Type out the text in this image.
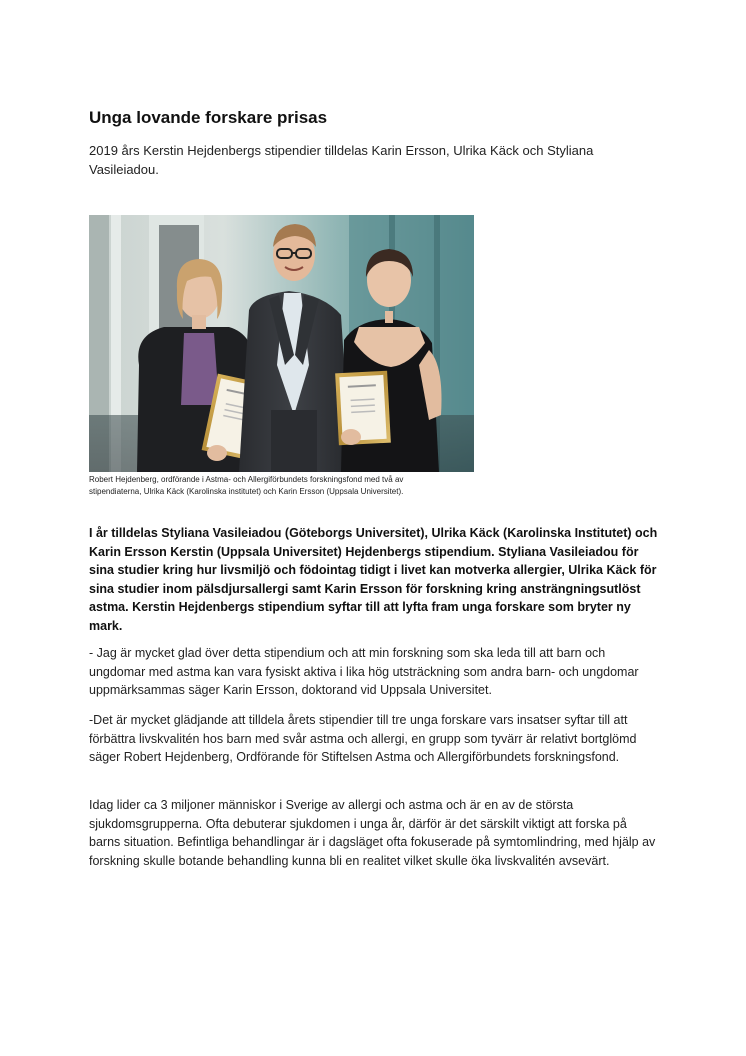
Unga lovande forskare prisas

2019 års Kerstin Hejdenbergs stipendier tilldelas Karin Ersson, Ulrika Käck och Styliana Vasileiadou.

Robert Hejdenberg, ordförande i Astma- och Allergiförbundets forskningsfond med två av stipendiaterna, Ulrika Käck (Karolinska institutet) och Karin Ersson (Uppsala Universitet).

I år tilldelas Styliana Vasileiadou (Göteborgs Universitet), Ulrika Käck (Karolinska Institutet) och Karin Ersson Kerstin (Uppsala Universitet) Hejdenbergs stipendium. Styliana Vasileiadou för sina studier kring hur livsmiljö och födointag tidigt i livet kan motverka allergier, Ulrika Käck för sina studier inom pälsdjursallergi samt Karin Ersson för forskning kring ansträngningsutlöst astma. Kerstin Hejdenbergs stipendium syftar till att lyfta fram unga forskare som bryter ny mark.

- Jag är mycket glad över detta stipendium och att min forskning som ska leda till att barn och ungdomar med astma kan vara fysiskt aktiva i lika hög utsträckning som andra barn- och ungdomar uppmärksammas säger Karin Ersson, doktorand vid Uppsala Universitet.

-Det är mycket glädjande att tilldela årets stipendier till tre unga forskare vars insatser syftar till att förbättra livskvalitén hos barn med svår astma och allergi, en grupp som tyvärr är relativt bortglömd säger Robert Hejdenberg, Ordförande för Stiftelsen Astma och Allergiförbundets forskningsfond.

Idag lider ca 3 miljoner människor i Sverige av allergi och astma och är en av de största sjukdomsgrupperna. Ofta debuterar sjukdomen i unga år, därför är det särskilt viktigt att forska på barns situation. Befintliga behandlingar är i dagsläget ofta fokuserade på symtomlindring, med hjälp av forskning skulle botande behandling kunna bli en realitet vilket skulle öka livskvalitén avsevärt.
